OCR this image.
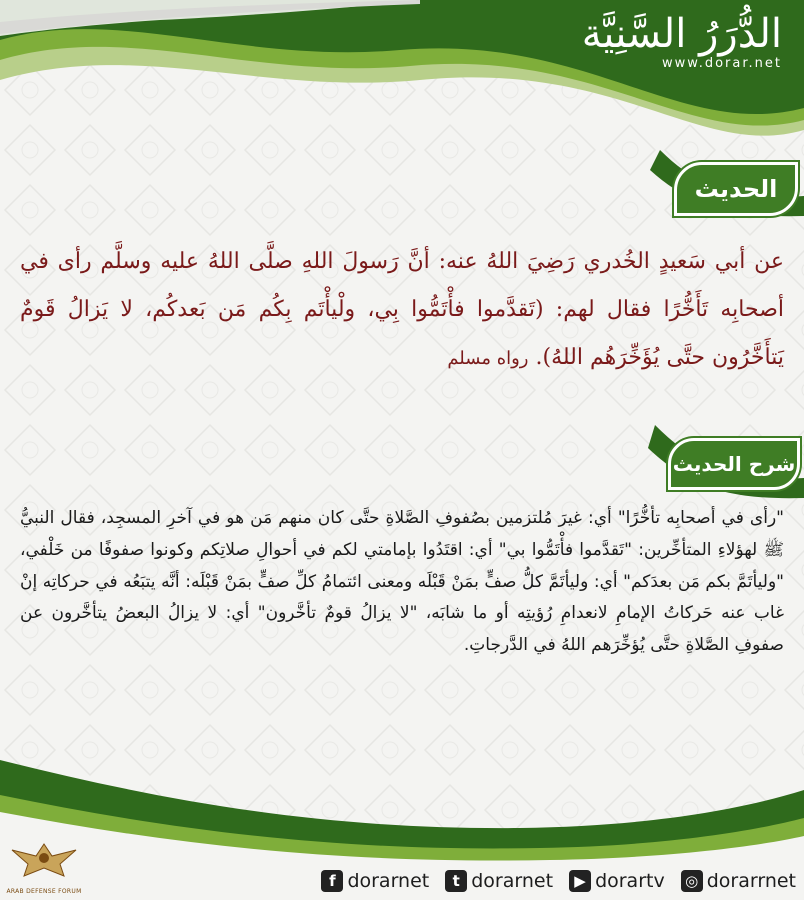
الدُّرَرُ السَّنِيَّة
www.dorar.net
الحديث
عن أبي سَعيدٍ الخُدري رَضِيَ اللهُ عنه: أنَّ رَسولَ اللهِ صلَّى اللهُ عليه وسلَّم رأى في أصحابِه تَأَخُّرًا فقال لهم: (تَقدَّموا فأْتَمُّوا بِي، ولْيأْتَم بِكُم مَن بَعدكُم، لا يَزالُ قَومٌ يَتأَخَّرُون حتَّى يُؤَخِّرَهُم اللهُ). رواه مسلم
شرح الحديث
"رأى في أصحابِه تأخُّرًا" أي: غيرَ مُلتزمين بصُفوفِ الصَّلاةِ حتَّى كان منهم مَن هو في آخرِ المسجِد، فقال النبيُّ ﷺ لهؤلاءِ المتأخِّرين: "تَقدَّموا فأْتَمُّوا بي" أي: اقتَدُوا بإمامتي لكم في أحوالِ صلاتِكم وكونوا صفوفًا من خَلْفي، "وليأتَمَّ بكم مَن بعدَكم" أي: وليأتَمَّ كلُّ صفٍّ بمَنْ قَبْلَه ومعنى ائتمامُ كلِّ صفٍّ بمَنْ قَبْلَه: أنَّه يتبَعُه في حركاتِه إنْ غاب عنه حَركاتُ الإمامِ لانعدامِ رُؤيتِه أو ما شابَه، "لا يزالُ قومٌ تأخَّرون" أي: لا يزالُ البعضُ يتأخَّرون عن صفوفِ الصَّلاةِ حتَّى يُؤخِّرَهم اللهُ في الدَّرجاتِ.
ARAB DEFENSE FORUM
f dorarnet	t dorarnet	▶ dorartv ◎ dorarrnet
